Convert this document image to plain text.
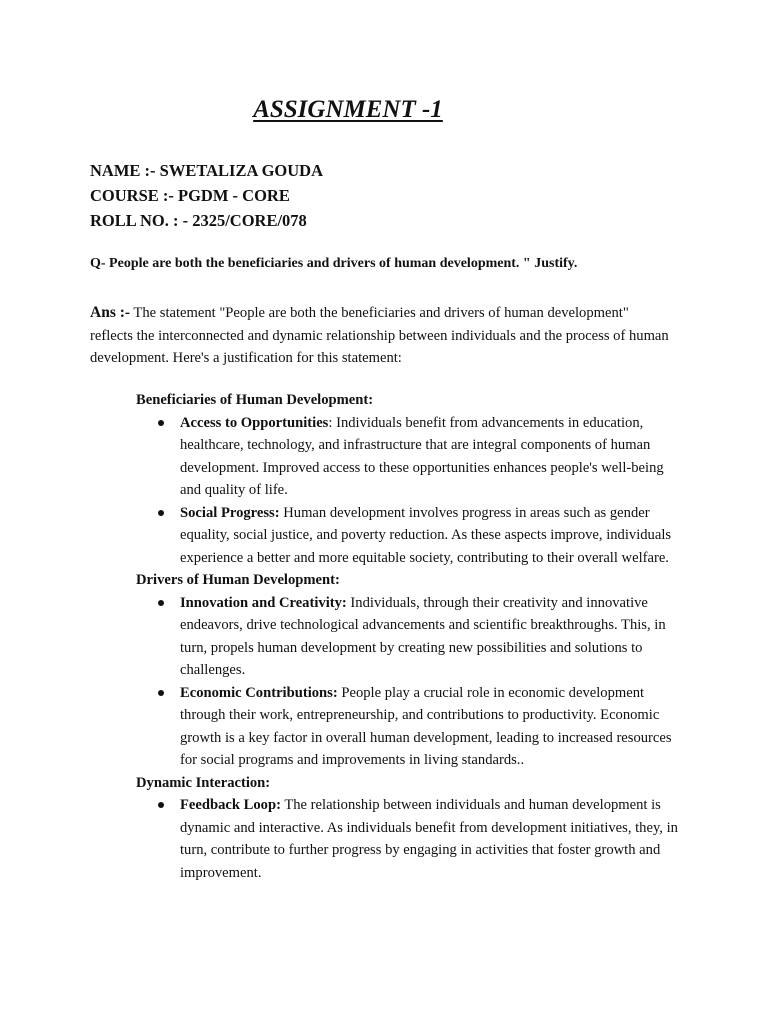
ASSIGNMENT -1
NAME :- SWETALIZA GOUDA
COURSE :- PGDM - CORE
ROLL NO. : - 2325/CORE/078
Q- People are both the beneficiaries and drivers of human development. " Justify.
Ans :- The statement "People are both the beneficiaries and drivers of human development" reflects the interconnected and dynamic relationship between individuals and the process of human development. Here's a justification for this statement:
Beneficiaries of Human Development:
Access to Opportunities: Individuals benefit from advancements in education, healthcare, technology, and infrastructure that are integral components of human development. Improved access to these opportunities enhances people's well-being and quality of life.
Social Progress: Human development involves progress in areas such as gender equality, social justice, and poverty reduction. As these aspects improve, individuals experience a better and more equitable society, contributing to their overall welfare.
Drivers of Human Development:
Innovation and Creativity: Individuals, through their creativity and innovative endeavors, drive technological advancements and scientific breakthroughs. This, in turn, propels human development by creating new possibilities and solutions to challenges.
Economic Contributions: People play a crucial role in economic development through their work, entrepreneurship, and contributions to productivity. Economic growth is a key factor in overall human development, leading to increased resources for social programs and improvements in living standards..
Dynamic Interaction:
Feedback Loop: The relationship between individuals and human development is dynamic and interactive. As individuals benefit from development initiatives, they, in turn, contribute to further progress by engaging in activities that foster growth and improvement.
